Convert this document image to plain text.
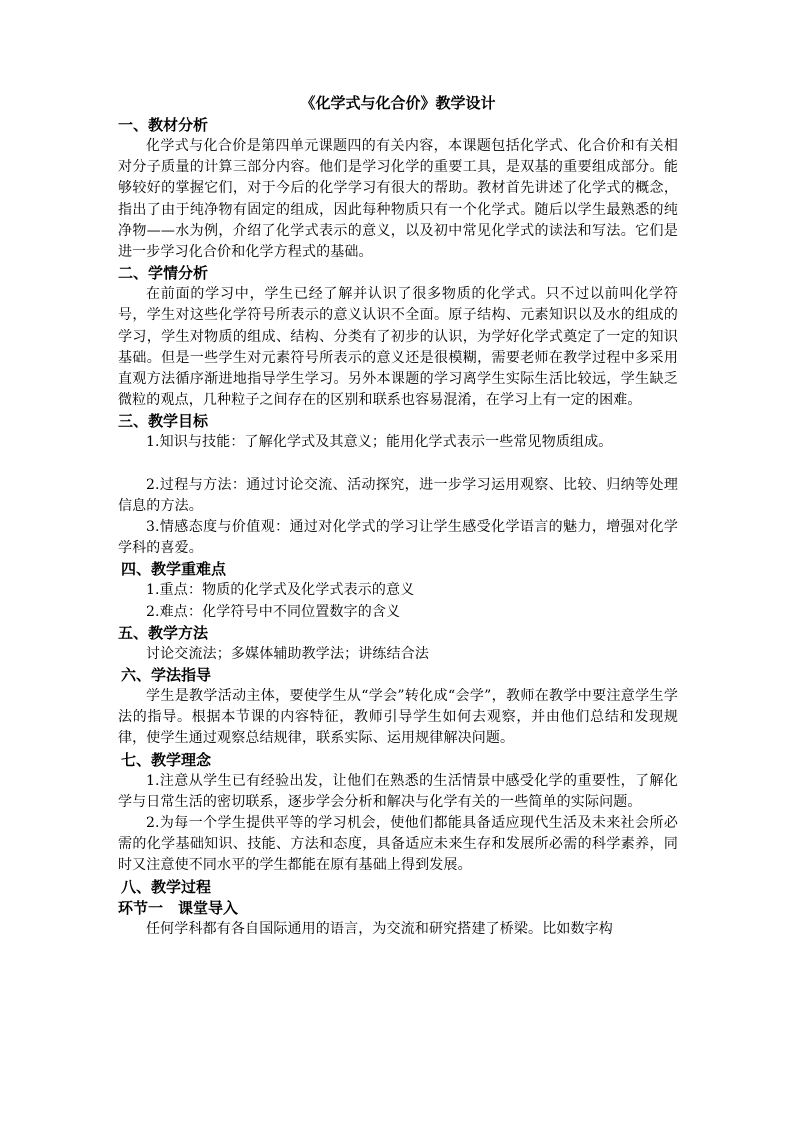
《化学式与化合价》教学设计

一、教材分析

化学式与化合价是第四单元课题四的有关内容，本课题包括化学式、化合价和有关相对分子质量的计算三部分内容。他们是学习化学的重要工具，是双基的重要组成部分。能够较好的掌握它们，对于今后的化学学习有很大的帮助。教材首先讲述了化学式的概念，指出了由于纯净物有固定的组成，因此每种物质只有一个化学式。随后以学生最熟悉的纯净物——水为例，介绍了化学式表示的意义，以及初中常见化学式的读法和写法。它们是进一步学习化合价和化学方程式的基础。

二、学情分析

在前面的学习中，学生已经了解并认识了很多物质的化学式。只不过以前叫化学符号，学生对这些化学符号所表示的意义认识不全面。原子结构、元素知识以及水的组成的学习，学生对物质的组成、结构、分类有了初步的认识，为学好化学式奠定了一定的知识基础。但是一些学生对元素符号所表示的意义还是很模糊，需要老师在教学过程中多采用直观方法循序渐进地指导学生学习。另外本课题的学习离学生实际生活比较远，学生缺乏微粒的观点，几种粒子之间存在的区别和联系也容易混淆，在学习上有一定的困难。

三、教学目标

1.知识与技能：了解化学式及其意义；能用化学式表示一些常见物质组成。

2.过程与方法：通过讨论交流、活动探究，进一步学习运用观察、比较、归纳等处理信息的方法。

3.情感态度与价值观：通过对化学式的学习让学生感受化学语言的魅力，增强对化学学科的喜爱。

四、教学重难点

1.重点：物质的化学式及化学式表示的意义

2.难点：化学符号中不同位置数字的含义

五、教学方法

讨论交流法；多媒体辅助教学法；讲练结合法

六、学法指导

学生是教学活动主体，要使学生从“学会”转化成“会学”，教师在教学中要注意学生学法的指导。根据本节课的内容特征，教师引导学生如何去观察，并由他们总结和发现规律，使学生通过观察总结规律，联系实际、运用规律解决问题。

七、教学理念

1.注意从学生已有经验出发，让他们在熟悉的生活情景中感受化学的重要性，了解化学与日常生活的密切联系，逐步学会分析和解决与化学有关的一些简单的实际问题。

2.为每一个学生提供平等的学习机会，使他们都能具备适应现代生活及未来社会所必需的化学基础知识、技能、方法和态度，具备适应未来生存和发展所必需的科学素养，同时又注意使不同水平的学生都能在原有基础上得到发展。

八、教学过程

环节一　课堂导入

任何学科都有各自国际通用的语言，为交流和研究搭建了桥梁。比如数字构
